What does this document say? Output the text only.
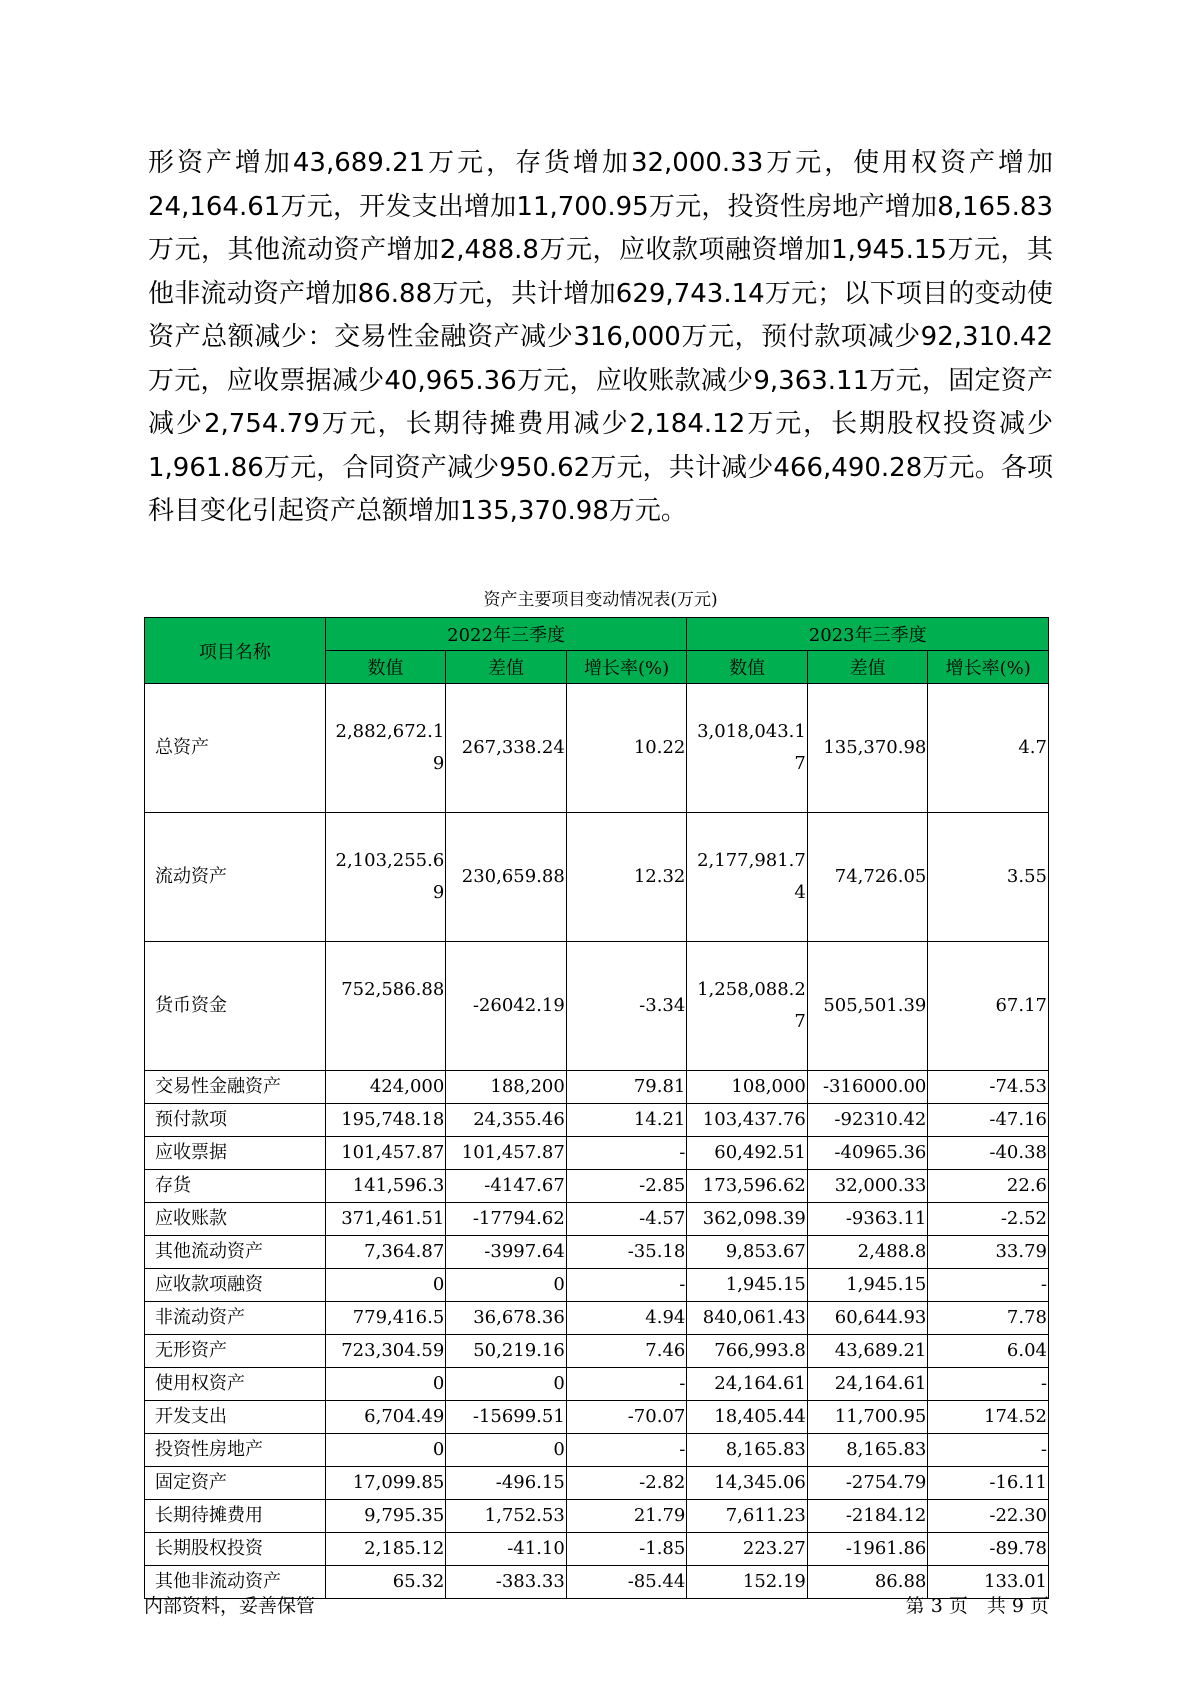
形资产增加43,689.21万元，存货增加32,000.33万元，使用权资产增加24,164.61万元，开发支出增加11,700.95万元，投资性房地产增加8,165.83万元，其他流动资产增加2,488.8万元，应收款项融资增加1,945.15万元，其他非流动资产增加86.88万元，共计增加629,743.14万元；以下项目的变动使资产总额减少：交易性金融资产减少316,000万元，预付款项减少92,310.42万元，应收票据减少40,965.36万元，应收账款减少9,363.11万元，固定资产减少2,754.79万元，长期待摊费用减少2,184.12万元，长期股权投资减少1,961.86万元，合同资产减少950.62万元，共计减少466,490.28万元。各项科目变化引起资产总额增加135,370.98万元。

资产主要项目变动情况表(万元)
项目名称	2022年三季度			2023年三季度		
	数值	差值	增长率(%)	数值	差值	增长率(%)
总资产	2,882,672.19	267,338.24	10.22	3,018,043.17	135,370.98	4.7
流动资产	2,103,255.69	230,659.88	12.32	2,177,981.74	74,726.05	3.55
货币资金	752,586.88	-26042.19	-3.34	1,258,088.27	505,501.39	67.17
交易性金融资产	424,000	188,200	79.81	108,000	-316000.00	-74.53
预付款项	195,748.18	24,355.46	14.21	103,437.76	-92310.42	-47.16
应收票据	101,457.87	101,457.87	-	60,492.51	-40965.36	-40.38
存货	141,596.3	-4147.67	-2.85	173,596.62	32,000.33	22.6
应收账款	371,461.51	-17794.62	-4.57	362,098.39	-9363.11	-2.52
其他流动资产	7,364.87	-3997.64	-35.18	9,853.67	2,488.8	33.79
应收款项融资	0	0	-	1,945.15	1,945.15	-
非流动资产	779,416.5	36,678.36	4.94	840,061.43	60,644.93	7.78
无形资产	723,304.59	50,219.16	7.46	766,993.8	43,689.21	6.04
使用权资产	0	0	-	24,164.61	24,164.61	-
开发支出	6,704.49	-15699.51	-70.07	18,405.44	11,700.95	174.52
投资性房地产	0	0	-	8,165.83	8,165.83	-
固定资产	17,099.85	-496.15	-2.82	14,345.06	-2754.79	-16.11
长期待摊费用	9,795.35	1,752.53	21.79	7,611.23	-2184.12	-22.30
长期股权投资	2,185.12	-41.10	-1.85	223.27	-1961.86	-89.78
其他非流动资产	65.32	-383.33	-85.44	152.19	86.88	133.01
内部资料，妥善保管	第 3 页　共 9 页
